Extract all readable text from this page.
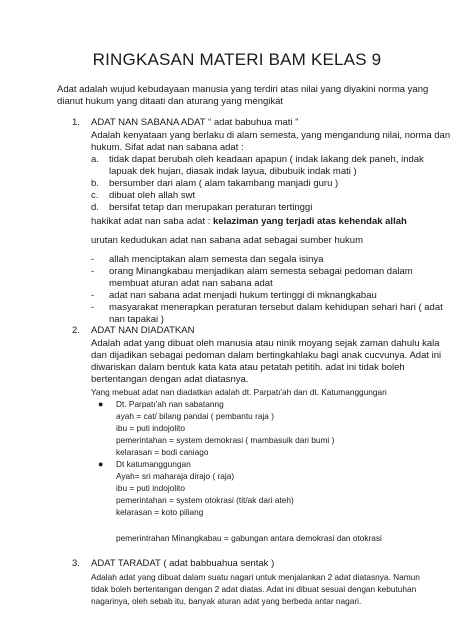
RINGKASAN MATERI BAM KELAS 9
Adat adalah wujud kebudayaan manusia yang terdiri atas nilai yang diyakini norma yang
dianut hukum yang ditaati dan aturang yang mengikat
1. ADAT NAN SABANA ADAT “ adat babuhua mati ”
Adalah kenyataan yang berlaku di alam semesta, yang mengandung nilai, norma dan
hukum. Sifat adat nan sabana adat :
a. tidak dapat berubah oleh keadaan apapun ( indak lakang dek paneh, indak
lapuak dek hujan, diasak indak layua, dibubuik indak mati )
b. bersumber dari alam ( alam takambang manjadi guru )
c. dibuat oleh allah swt
d. bersifat tetap dan merupakan peraturan tertinggi
hakikat adat nan saba adat : kelaziman yang terjadi atas kehendak allah
urutan kedudukan adat nan sabana adat sebagai sumber hukum
- allah menciptakan alam semesta dan segala isinya
- orang Minangkabau menjadikan alam semesta sebagai pedoman dalam
membuat aturan adat nan sabana adat
- adat nan sabana adat menjadi hukum tertinggi di mknangkabau
- masyarakat menerapkan peraturan tersebut dalam kehidupan sehari hari ( adat
nan tapakai )
2. ADAT NAN DIADATKAN
Adalah adat yang dibuat oleh manusia atau ninik moyang sejak zaman dahulu kala
dan dijadikan sebagai pedoman dalam bertingkahlaku bagi anak cucvunya. Adat ini
diwariskan dalam bentuk kata kata atau petatah petitih. adat ini tidak boleh
bertentangan dengan adat diatasnya.
Yang mebuat adat nan diadatkan adalah dt. Parpatı'ah dan dt. Katumanggungan
● Dt. Parpatı'ah nan sabatanng
ayah = cat/ bilang pandai ( pembantu raja )
ibu = puti indojolito
pemerintahan = system demokrasi ( mambasuik dari bumi )
kelarasan = bodi caniago
● Dt katumanggungan
Ayah= sri maharaja dirajo ( raja)
ibu = puti indojolito
pemerintahan = system otokrasi (tit/ak dari ateh)
kelarasan = koto piliang
pemerintrahan Minangkabau = gabungan antara demokrasi dan otokrasi
3. ADAT TARADAT ( adat babbuahua sentak )
Adalah adat yang dibuat dalam suatu nagari untuk menjalankan 2 adat diatasnya. Namun
tidak boleh bertentangan dengan 2 adat diatas. Adat ini dibuat sesuai dengan kebutuhan
nagarinya, oleh sebab itu, banyak aturan adat yang berbeda antar nagari.
